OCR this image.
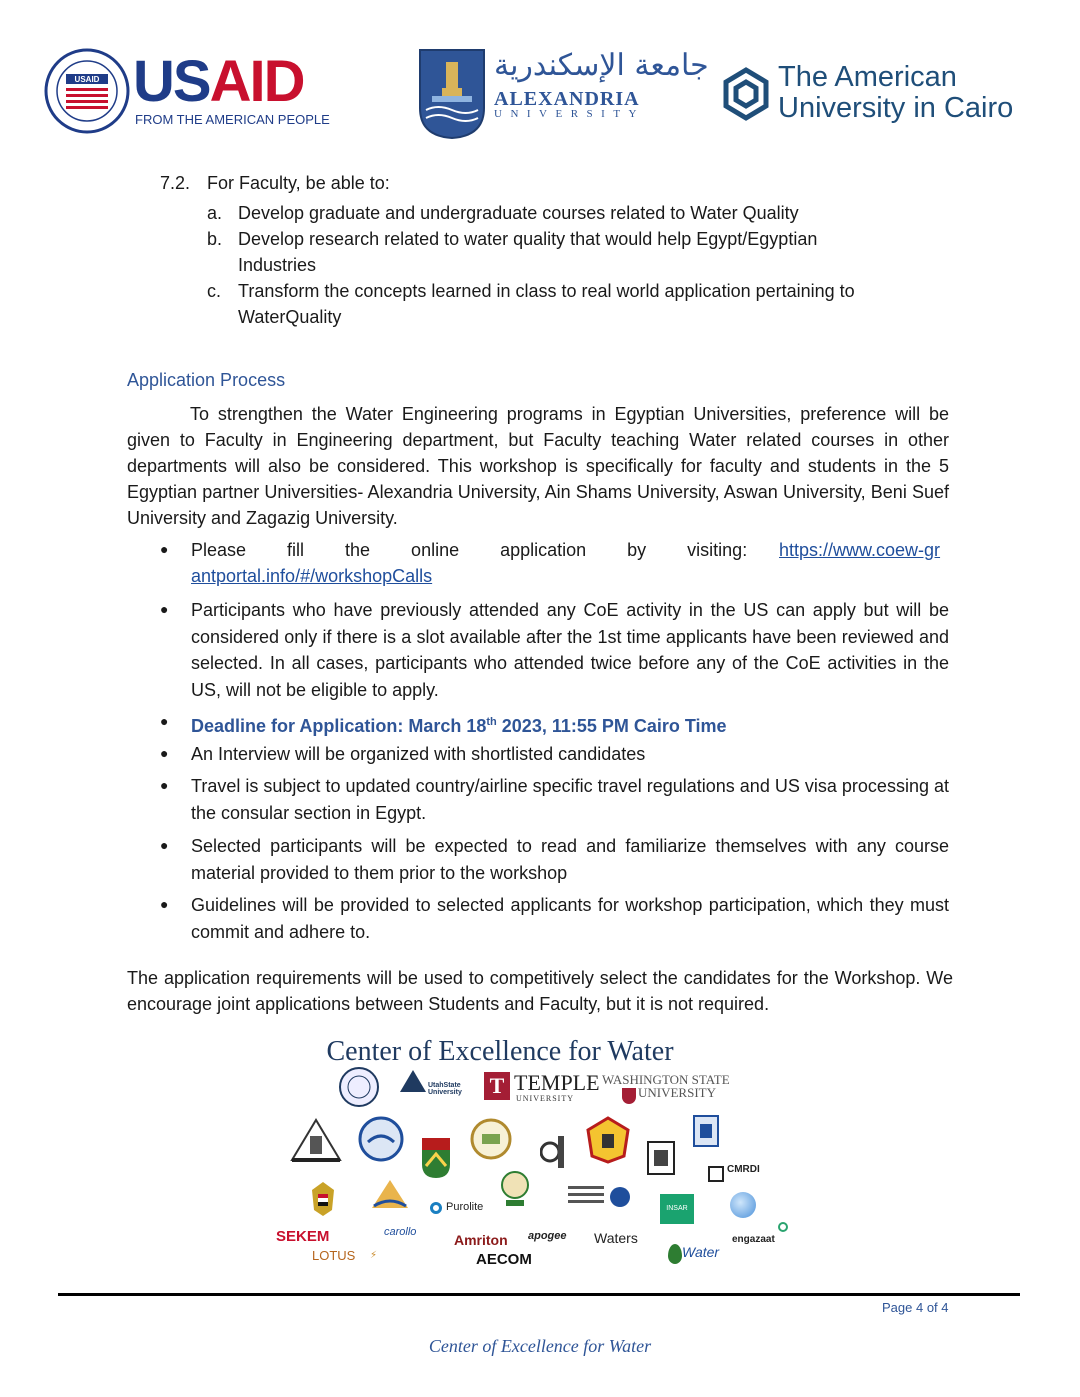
USAID USAID
FROM THE AMERICAN PEOPLE
جامعة الإسكندرية
ALEXANDRIA
UNIVERSITY
The American
University in Cairo
7.2. For Faculty, be able to:
a. Develop graduate and undergraduate courses related to Water Quality
b. Develop research related to water quality that would help Egypt/Egyptian
Industries
c. Transform the concepts learned in class to real world application pertaining to
WaterQuality
Application Process
To strengthen the Water Engineering programs in Egyptian Universities, preference will be given to Faculty in Engineering department, but Faculty teaching Water related courses in other departments will also be considered. This workshop is specifically for faculty and students in the 5 Egyptian partner Universities- Alexandria University, Ain Shams University, Aswan University, Beni Suef University and Zagazig University.
● Please fill the online application by visiting:	https://www.coew-grantportal.info/#/workshopCalls
● Participants who have previously attended any CoE activity in the US can apply but will be considered only if there is a slot available after the 1st time applicants have been reviewed and selected. In all cases, participants who attended twice before any of the CoE activities in the US, will not be eligible to apply.
● Deadline for Application: March 18th 2023, 11:55 PM Cairo Time
● An Interview will be organized with shortlisted candidates
● Travel is subject to updated country/airline specific travel regulations and US visa processing at the consular section in Egypt.
● Selected participants will be expected to read and familiarize themselves with any course material provided to them prior to the workshop
● Guidelines will be provided to selected applicants for workshop participation, which they must commit and adhere to.
The application requirements will be used to competitively select the candidates for the Workshop. We encourage joint applications between Students and Faculty, but it is not required.
Center of Excellence for Water
UtahState University	T TEMPLE
UNIVERSITY
WASHINGTON STATE
UNIVERSITY
CMRDI
Purolite	INSAR
SEKEM
LOTUS
carollo
⚡
Amriton
AECOM
apogee Waters
Water
engazaat
Page 4 of 4
Center of Excellence for Water
